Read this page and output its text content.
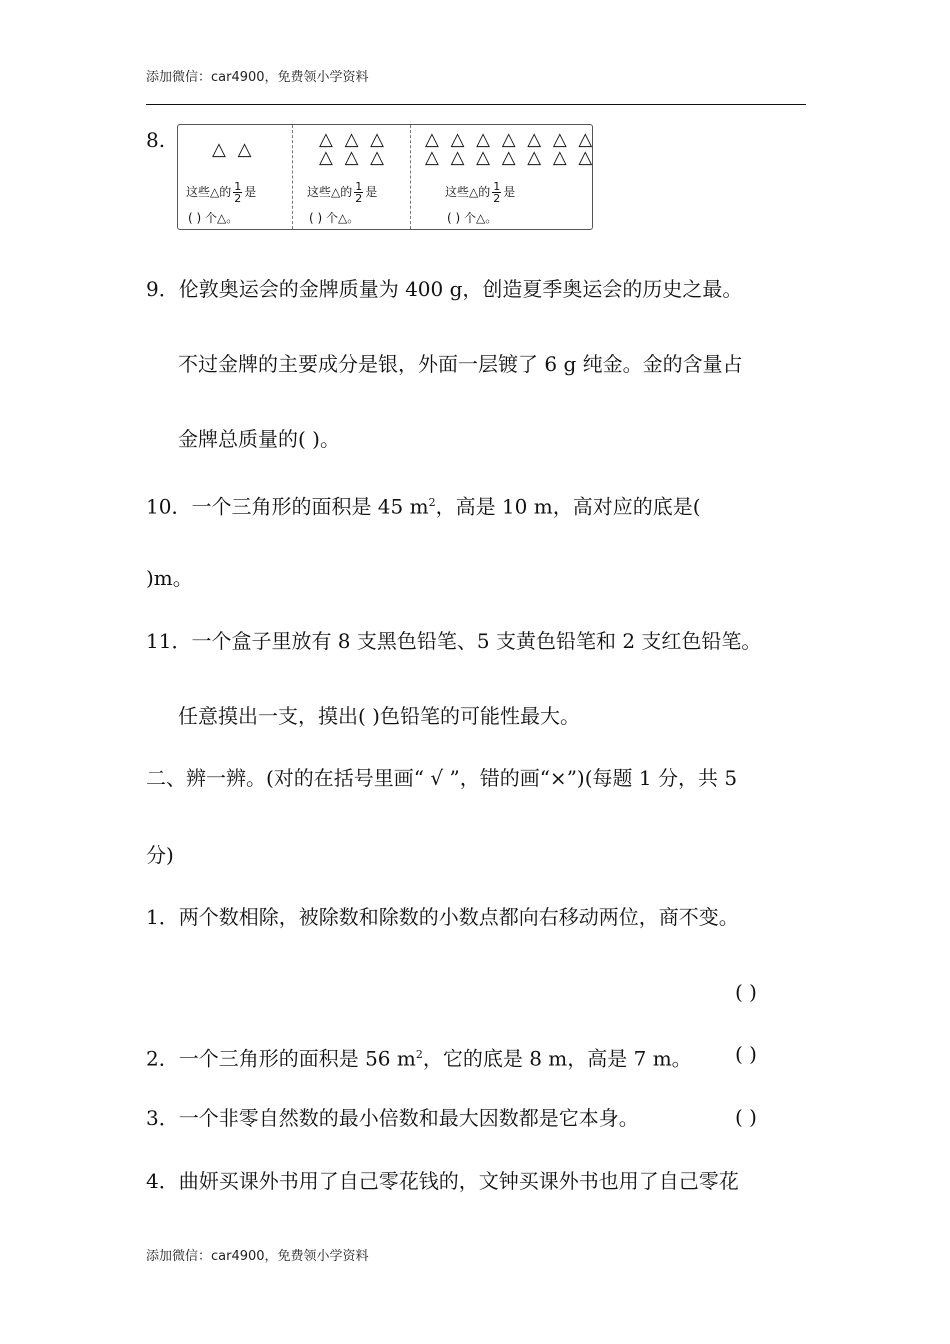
添加微信：car4900，免费领小学资料
8.	△ △
这些△的 $\frac{1}{2}$ 是
( ) 个△。
△ △ △
△ △ △
这些△的 $\frac{1}{2}$ 是
( ) 个△。
△ △ △ △ △ △ △
△ △ △ △ △ △ △
这些△的 $\frac{1}{2}$ 是
( ) 个△。
9．伦敦奥运会的金牌质量为 400 g，创造夏季奥运会的历史之最。
不过金牌的主要成分是银，外面一层镀了 6 g 纯金。金的含量占
金牌总质量的( )。
10．一个三角形的面积是 45 $m^2$，高是 10 m，高对应的底是(
)m。
11．一个盒子里放有 8 支黑色铅笔、5 支黄色铅笔和 2 支红色铅笔。
任意摸出一支，摸出( )色铅笔的可能性最大。
二、辨一辨。(对的在括号里画“ √ ”，错的画“×”)(每题 1 分，共 5
分)
1．两个数相除，被除数和除数的小数点都向右移动两位，商不变。
( )
2．一个三角形的面积是 56 $m^2$，它的底是 8 m，高是 7 m。 ( )
3．一个非零自然数的最小倍数和最大因数都是它本身。	( )
4．曲妍买课外书用了自己零花钱的，文钟买课外书也用了自己零花
添加微信：car4900，免费领小学资料
